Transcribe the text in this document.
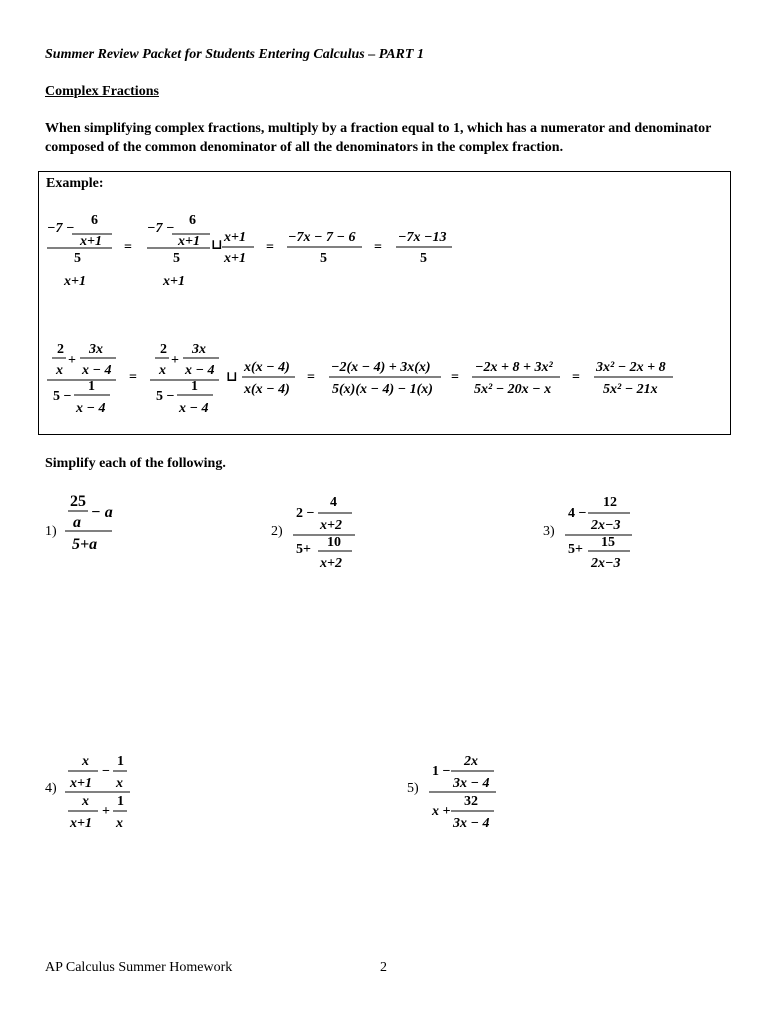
Summer Review Packet for Students Entering Calculus – PART 1
Complex Fractions
When simplifying complex fractions, multiply by a fraction equal to 1, which has a numerator and denominator composed of the common denominator of all the denominators in the complex fraction.
Example:
−7 −
6
x+1
5
x+1
=
−7 −
6
x+1
5
x+1
⊔
x+1
x+1
=
−7x − 7 − 6
5
=
−7x −13
5
2
x
+
3x
x − 4
5 −
1
x − 4
=
2
x
+
3x
x − 4
5 −
1
x − 4
⊔
x(x − 4)
x(x − 4)
=
−2(x − 4) + 3x(x)
5(x)(x − 4) − 1(x)
=
−2x + 8 + 3x²
5x² − 20x − x
=
3x² − 2x + 8
5x² − 21x
1)
25
a
− a
5+a
2)
2 −
4
x+2
5+ 10
x+2
3)
4 −
12
2x−3
5+ 15
2x−3
4)
x
x+1
−
1
x
x
x+1
+
1
x
5)
1 −
2x
3x − 4
x +
32
3x − 4
Simplify each of the following.
AP Calculus Summer Homework	2
